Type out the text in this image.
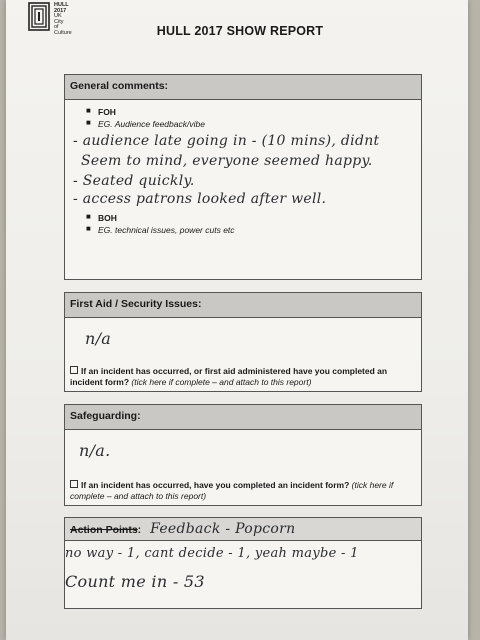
HULL
2017
UK
City
of
Culture	HULL 2017 SHOW REPORT
General comments:
■ FOH
■ EG. Audience feedback/vibe
- audience late going in - (10 mins), didnt
Seem to mind, everyone seemed happy.
- Seated quickly.
- access patrons looked after well.
■ BOH
■ EG. technical issues, power cuts etc
First Aid / Security Issues:
n/a
If an incident has occurred, or first aid administered have you completed an incident form? (tick here if complete – and attach to this report)
Safeguarding:
n/a.
If an incident has occurred, have you completed an incident form? (tick here if complete – and attach to this report)
Action Points: Feedback - Popcorn
no way - 1, cant decide - 1, yeah maybe - 1
Count me in - 53
